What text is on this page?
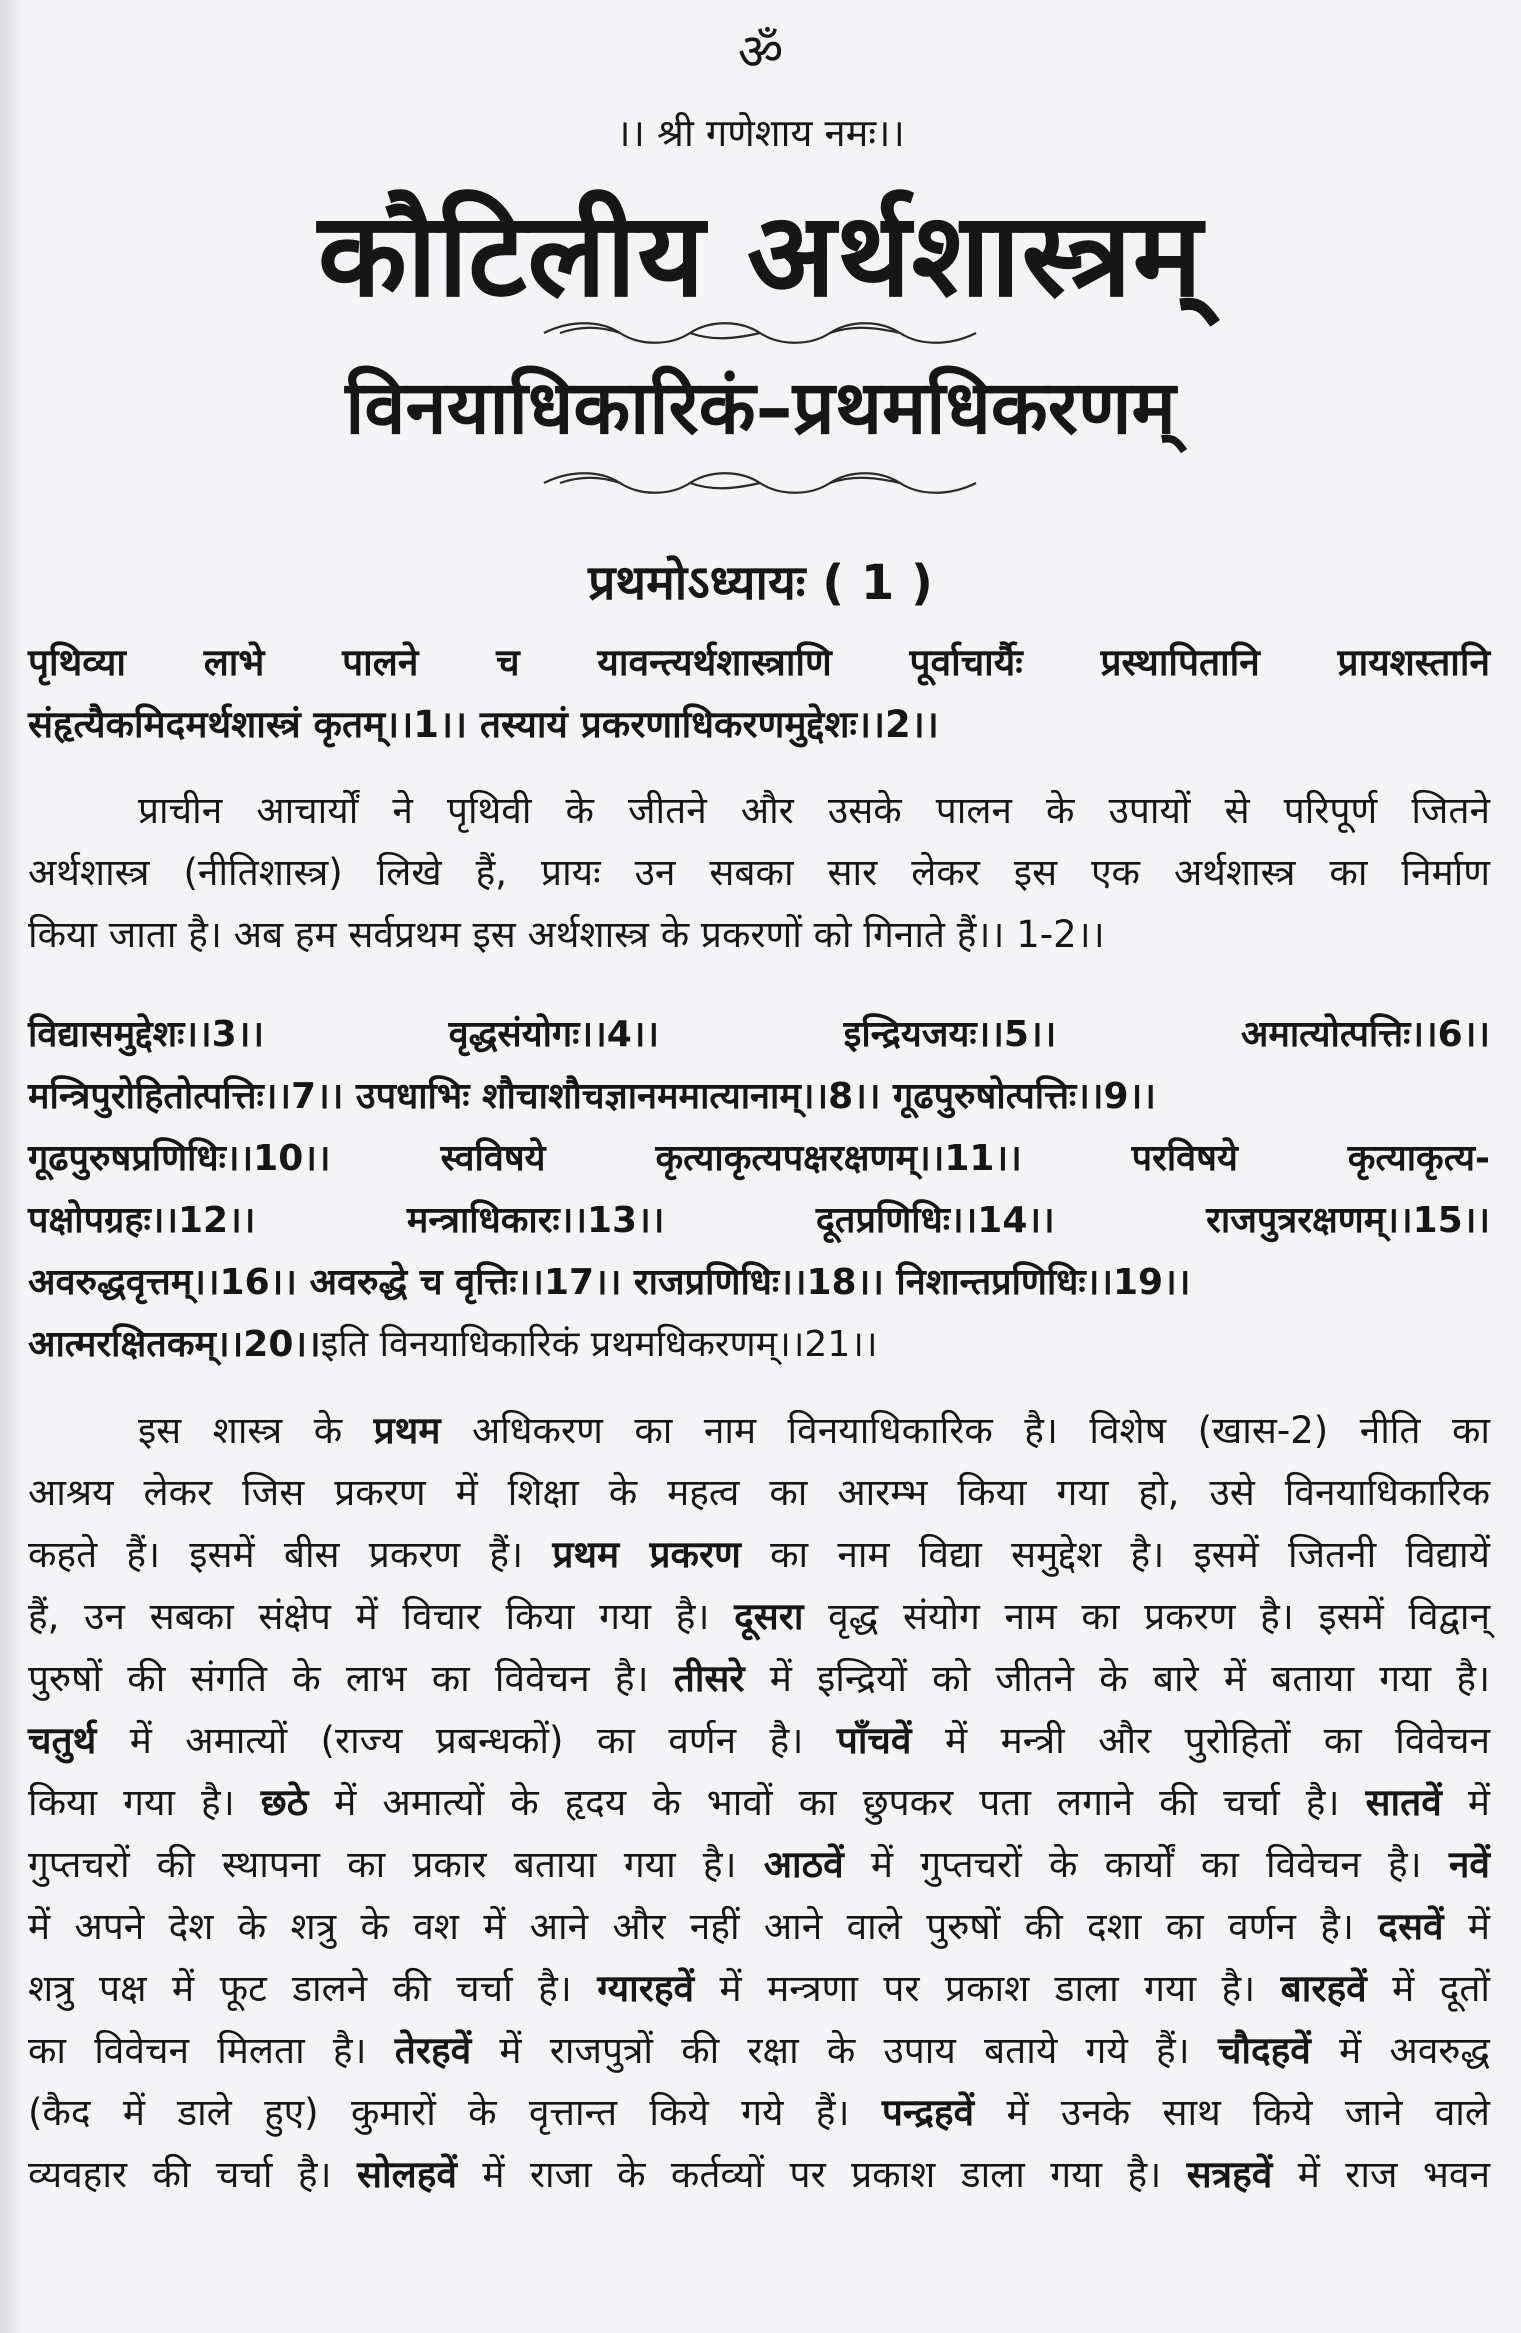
ॐ
।। श्री गणेशाय नमः।।
कौटिलीय अर्थशास्त्रम्
विनयाधिकारिकं–प्रथमधिकरणम्
प्रथमोऽध्यायः ( 1 )
पृथिव्या लाभे पालने च यावन्त्यर्थशास्त्राणि पूर्वाचार्यैः प्रस्थापितानि प्रायशस्तानि
संहृत्यैकमिदमर्थशास्त्रं कृतम्।।1।। तस्यायं प्रकरणाधिकरणमुद्देशः।।2।।
प्राचीन आचार्यों ने पृथिवी के जीतने और उसके पालन के उपायों से परिपूर्ण जितने
अर्थशास्त्र (नीतिशास्त्र) लिखे हैं, प्रायः उन सबका सार लेकर इस एक अर्थशास्त्र का निर्माण
किया जाता है। अब हम सर्वप्रथम इस अर्थशास्त्र के प्रकरणों को गिनाते हैं।। 1-2।।
विद्यासमुद्देशः।।3।।	वृद्धसंयोगः।।4।।	इन्द्रियजयः।।5।।	अमात्योत्पत्तिः।।6।।
मन्त्रिपुरोहितोत्पत्तिः।।7।। उपधाभिः शौचाशौचज्ञानममात्यानाम्।।8।। गूढपुरुषोत्पत्तिः।।9।।
गूढपुरुषप्रणिधिः।।10।।	स्वविषये	कृत्याकृत्यपक्षरक्षणम्।।11।।	परविषये	कृत्याकृत्य-
पक्षोपग्रहः।।12।।	मन्त्राधिकारः।।13।।	दूतप्रणिधिः।।14।।	राजपुत्ररक्षणम्।।15।।
अवरुद्धवृत्तम्।।16।। अवरुद्धे च वृत्तिः।।17।। राजप्रणिधिः।।18।। निशान्तप्रणिधिः।।19।।
आत्मरक्षितकम्।।20।। इति विनयाधिकारिकं प्रथमधिकरणम्।।21।।
इस शास्त्र के प्रथम अधिकरण का नाम विनयाधिकारिक है। विशेष (खास-2) नीति का
आश्रय लेकर जिस प्रकरण में शिक्षा के महत्व का आरम्भ किया गया हो, उसे विनयाधिकारिक
कहते हैं। इसमें बीस प्रकरण हैं। प्रथम प्रकरण का नाम विद्या समुद्देश है। इसमें जितनी विद्यायें
हैं, उन सबका संक्षेप में विचार किया गया है। दूसरा वृद्ध संयोग नाम का प्रकरण है। इसमें विद्वान्
पुरुषों की संगति के लाभ का विवेचन है। तीसरे में इन्द्रियों को जीतने के बारे में बताया गया है।
चतुर्थ में अमात्यों (राज्य प्रबन्धकों) का वर्णन है। पाँचवें में मन्त्री और पुरोहितों का विवेचन
किया गया है। छठे में अमात्यों के हृदय के भावों का छुपकर पता लगाने की चर्चा है। सातवें में
गुप्तचरों की स्थापना का प्रकार बताया गया है। आठवें में गुप्तचरों के कार्यों का विवेचन है। नवें
में अपने देश के शत्रु के वश में आने और नहीं आने वाले पुरुषों की दशा का वर्णन है। दसवें में
शत्रु पक्ष में फूट डालने की चर्चा है। ग्यारहवें में मन्त्रणा पर प्रकाश डाला गया है। बारहवें में दूतों
का विवेचन मिलता है। तेरहवें में राजपुत्रों की रक्षा के उपाय बताये गये हैं। चौदहवें में अवरुद्ध
(कैद में डाले हुए) कुमारों के वृत्तान्त किये गये हैं। पन्द्रहवें में उनके साथ किये जाने वाले
व्यवहार की चर्चा है। सोलहवें में राजा के कर्तव्यों पर प्रकाश डाला गया है। सत्रहवें में राज भवन
